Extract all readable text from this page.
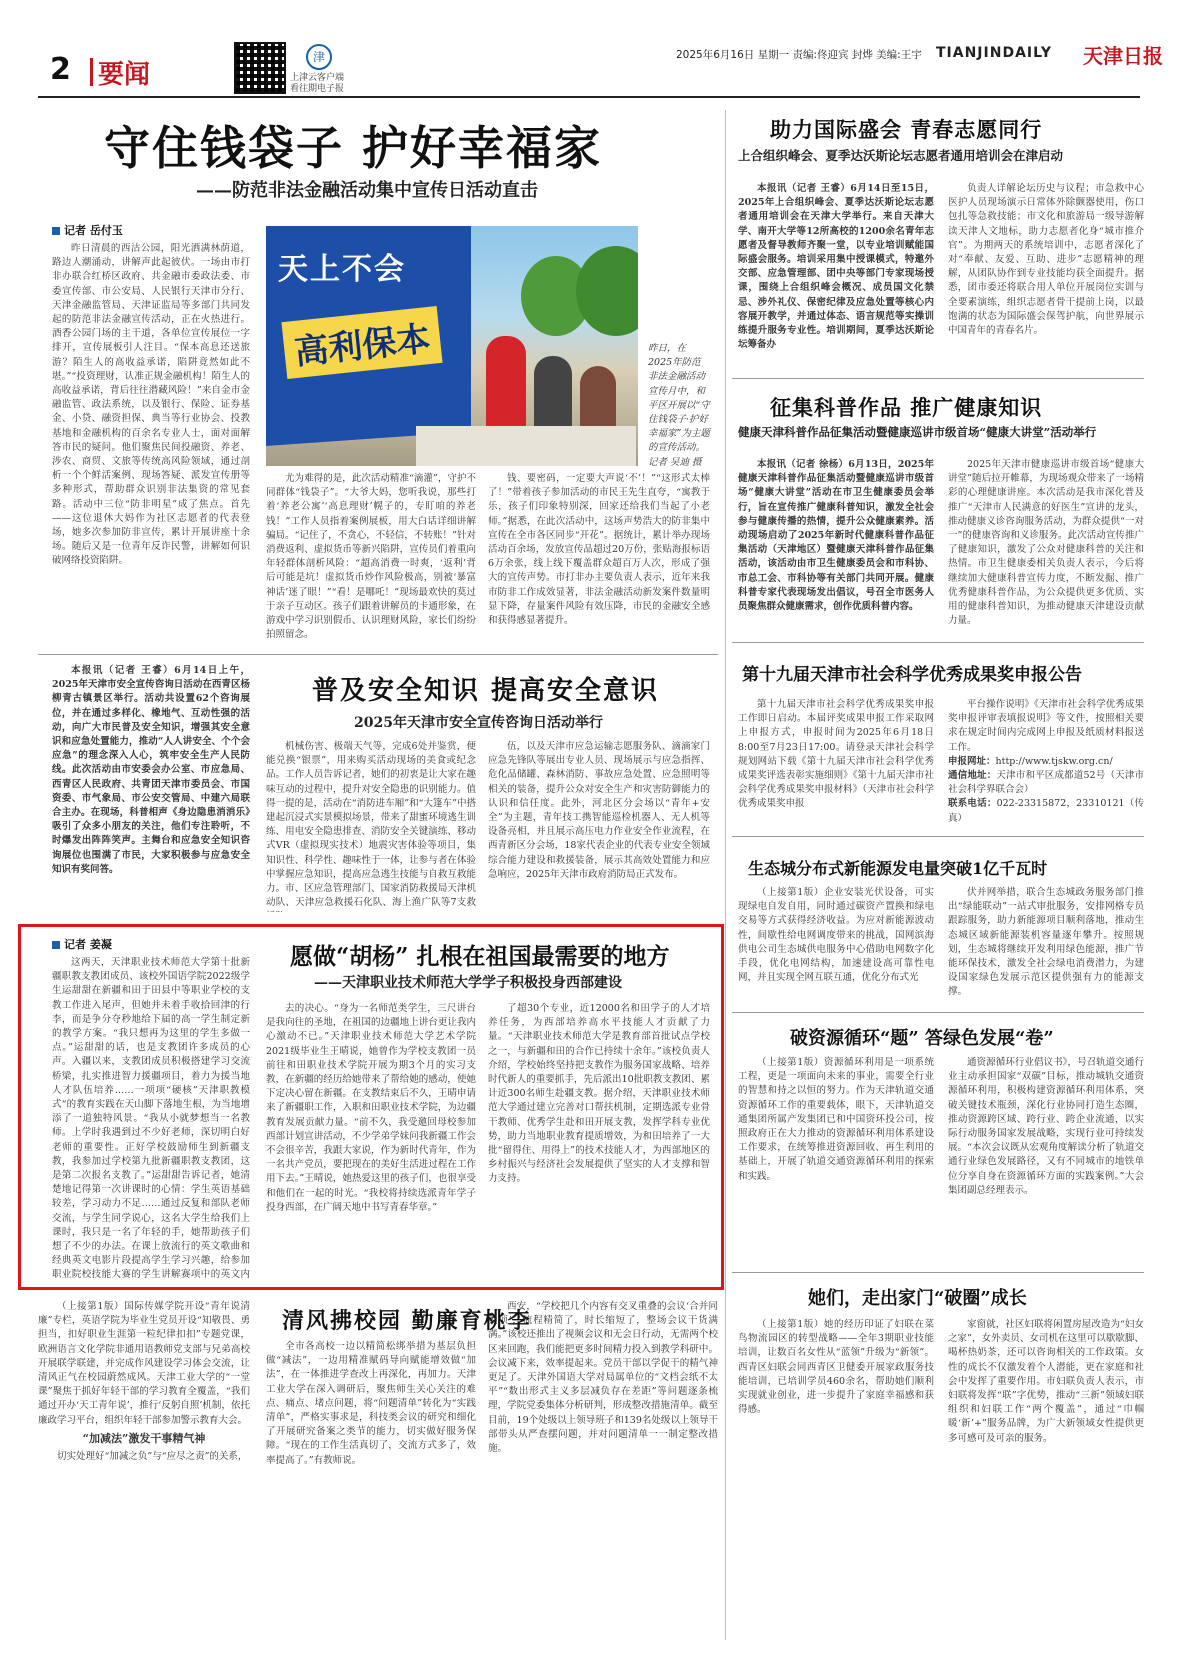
2 要闻
津
上津云客户端
看往期电子报
2025年6月16日 星期一 责编:佟迎宾 封烨 美编:王宇 TIANJINDAILY 天津日报
守住钱袋子 护好幸福家
——防范非法金融活动集中宣传日活动直击
记者 岳付玉

昨日清晨的西沽公园，阳光洒满林荫道，路边人潮涌动，讲解声此起彼伏。一场由市打非办联合红桥区政府、共金融市委政法委、市委宣传部、市公安局、人民银行天津市分行、天津金融监管局、天津证监局等多部门共同发起的防范非法金融宣传活动，正在火热进行。酒香公园门场的主干道，各单位宣传展位一字排开，宣传展板引人注目。“保本高息还送旅游？陌生人的高收益承诺，陷阱竟然如此不堪。”“投资理财，认准正规金融机构！陌生人的高收益承诺，背后往往潜藏风险！”来自金市金融监管、政法系统，以及银行、保险、证券基金、小贷、融资担保、典当等行业协会、投教基地和金融机构的百余名专业人士，面对面解答市民的疑问。他们聚焦民间投融资、养老、涉农、商贸、文旅等传统高风险领域，通过剖析一个个鲜活案例、现场答疑、派发宣传册等多种形式，帮助群众识别非法集资的常见套路。活动中三位“防非明星”成了焦点。首先——这位退休大妈作为社区志愿者的代表登场，她多次参加防非宣传，累计开展讲座十余场。随后又是一位青年反诈民警，讲解如何识破网络投资陷阱。

天上不会
高利保本	昨日，在2025年防范非法金融活动宣传月中，和平区开展以“守住钱袋子·护好幸福家”为主题的宣传活动。记者 吴迪 摄

尤为难得的是，此次活动精准“滴灌”，守护不同群体“钱袋子”。“大爷大妈，您听我说，那些打着‘养老公寓’‘高息理财’幌子的，专盯咱的养老钱！”工作人员指着案例展板，用大白话详细讲解骗局。“记住了，不贪心，不轻信，不转账！”针对消费返利、虚拟货币等新兴陷阱，宣传员们着重向年轻群体剖析风险：“超高消费一时爽，‘返利’背后可能是坑！虚拟货币炒作风险极高，别被‘暴富神话’迷了眼！”“看！是哪吒！”现场最欢快的莫过于亲子互动区。孩子们跟着讲解员的卡通形象，在游戏中学习识别假币、认识理财风险，家长们纷纷拍照留念。

钱、要密码，一定要大声说‘不’！”“这形式太棒了！”带着孩子参加活动的市民王先生直夸，“寓教于乐，孩子们印象特别深，回家还给我们当起了小老师。”据悉，在此次活动中，这场声势浩大的防非集中宣传在全市各区同步“开花”。据统计，累计举办现场活动百余场，发放宣传品超过20万份，张贴海报标语6万余张，线上线下覆盖群众超百万人次，形成了强大的宣传声势。市打非办主要负责人表示，近年来我市防非工作成效显著，非法金融活动新发案件数量明显下降，存量案件风险有效压降，市民的金融安全感和获得感显著提升。

普及安全知识 提高安全意识
2025年天津市安全宣传咨询日活动举行

本报讯（记者 王睿）6月14日上午，2025年天津市安全宣传咨询日活动在西青区杨柳青古镇景区举行。活动共设置62个咨询展位，并在通过多样化、橡地气、互动性强的活动，向广大市民普及安全知识，增强其安全意识和应急处置能力，推动“人人讲安全、个个会应急”的理念深入人心，筑牢安全生产人民防线。此次活动由市安委会办公室、市应急局、西青区人民政府、共青团天津市委员会、市国资委、市气象局、市公安交管局、中建六局联合主办。在现场，科普相声《身边隐患消消乐》吸引了众多小朋友的关注，他们专注聆听，不时爆发出阵阵笑声。主舞台和应急安全知识咨询展位也围满了市民，大家积极参与应急安全知识有奖问答。

机械伤害、极端天气等，完成6处并鉴赏，便能兑换“银票”，用来购买活动现场的美食或纪念品。工作人员告诉记者，她们的初衷是让大家在趣味互动的过程中，提升对安全隐患的识别能力。值得一提的是，活动在“消防进车厢”和“大篷车”中搭建起沉浸式实景模拟场景，带来了甜蜜环境逃生训练、用电安全隐患排查、消防安全关键演练、移动式VR（虚拟现实技术）地震灾害体验等项目，集知识性、科学性、趣味性于一体，让参与者在体验中掌握应急知识，提高应急逃生技能与自救互救能力。市、区应急管理部门、国家消防救援局天津机动队、天津应急救援石化队、海上渔广队等7支救

伍，以及天津市应急运输志愿服务队、滴滴家门应急先锋队等展出专业人员、现场展示与应急指挥、危化品储罐、森林消防、事故应急处置、应急照明等相关的装备，提升公众对安全生产和灾害防御能力的认识和信任度。此外，河北区分会场以“青年+安全”为主题，青年技工携智能巡检机器人、无人机等设备亮相，并且展示高压电力作业安全作业流程，在西青新区分会场，18家代表企业的代表专业安全领域综合能力建设和救援装备，展示其高效处置能力和应急响应，2025年天津市政府消防局正式发布。

愿做“胡杨” 扎根在祖国最需要的地方
——天津职业技术师范大学学子积极投身西部建设
记者 姜凝

这两天，天津职业技术师范大学第十批新疆职教支教团成员、该校外国语学院2022级学生运甜甜在新疆和田于田县中等职业学校的支教工作进入尾声，但她并未着手收拾回津的行李，而是争分夺秒地给下届的高一学生制定新的教学方案。“我只想再为这里的学生多做一点。”运甜甜的话，也是支教团许多成员的心声。入疆以来，支教团成员积极搭建学习交流桥梁，扎实推进智力援疆项目，着力为援当地人才队伍培养……一项项“硬核”天津职教模式“的教育实践在天山脚下落地生根，为当地增添了一道独特风景。“我从小就梦想当一名教师。上学时我遇到过不少好老师，深切明白好老师的重要性。正好学校鼓励师生到新疆支教，我参加过学校第九批新疆职教支教团，这是第二次报名支教了。”运甜甜告诉记者，她清楚地记得第一次讲课时的心情：学生英语基础较差，学习动力不足……通过反复和部队老师交流，与学生同学说心，这名大学生给我们上课时，我只是一名了年轻的手，她帮助孩子们想了不少的办法。在课上放流行的英文歌曲和经典英文电影片段提高学生学习兴趣，给参加职业院校技能大赛的学生讲解赛项中的英文内

去的决心。“身为一名师范类学生，三尺讲台是我向往的圣地，在祖国的边疆地上讲台更让我内心激动不已。”天津职业技术师范大学艺术学院2021级毕业生王晴说，她曾作为学校支教团一员前往和田职业技术学院开展为期3个月的实习支教，在新疆的经历给她带来了帮给她的感动，使她下定决心留在新疆。在支教结束后不久，王晴申请来了新疆职工作，入职和田职业技术学院，为边疆教育发展贡献力量。“前不久，我受邀回母校参加西部计划宣讲活动，不少学弟学妹问我新疆工作会不会很辛苦，我跟大家说，作为新时代青年，作为一名共产党员，要把现在的美好生活进过程在工作用下去。”王晴说，她热爱这里的孩子们，也很享受和他们在一起的时光。“我校将持续选派青年学子投身西部，在广阔天地中书写青春华章。”

了超30个专业，近12000名和田学子的人才培养任务，为西部培养高水平技能人才贡献了力量。“天津职业技术师范大学是教育部首批试点学校之一，与新疆和田的合作已持续十余年。”该校负责人介绍，学校始终坚持把支教作为服务国家战略、培养时代新人的重要抓手，先后派出10批职教支教团、累计近300名师生赴疆支教。据介绍，天津职业技术师范大学通过建立完善对口帮扶机制，定期选派专业骨干教师、优秀学生赴和田开展支教，发挥学科专业优势，助力当地职业教育提质增效，为和田培养了一大批“留得住、用得上”的技术技能人才，为西部地区的乡村振兴与经济社会发展提供了坚实的人才支撑和智力支持。

清风拂校园 勤廉育桃李

（上接第1版）国际传媒学院开设“青年说清廉”专栏，英语学院为毕业生党员开设“知敬畏、勇担当，扣好职业生涯第一粒纪律扣扣”专题党课，欧洲语言文化学院非通用语教师党支部与兄弟高校开展联学联建，并完成作风建设学习体会交流，让清风正气在校园蔚然成风。天津工业大学的“一堂课”聚焦于抓好年轻干部的学习教育全覆盖，“我们通过开办‘天工青年说’，推行‘反躬自照’机制，依托廉政学习平台，组织年轻干部参加警示教育大会。

“加减法”激发干事精气神

切实处理好“加减之负”与“应尽之责”的关系，

全市各高校一边以精简松绑举措为基层负担做“减法”，一边用精准赋码导向赋能增效做“加法”，在一体推进学查改上再深化，再加力。天津工业大学在深入调研后，聚焦师生关心关注的难点、痛点、堵点问题，将“问题清单”转化为“实践清单”，严格实事求是，科技类会议的研究和细化了开展研究备案之类节的能力，切实做好服务保障。“现在的工作生活真切了，交流方式多了，效率提高了。”有教师说。

西安，“学校把几个内容有交叉重叠的会议‘合并同类项’，流程精简了，时长缩短了，整场会议干货满满。”该校还推出了视频会议和无会日行动，无需两个校区来回跑，我们能把更多时间精力投入到教学科研中。会议减下来，效率提起来。党员干部以学促干的精气神更足了。天津外国语大学对局属单位的“文档会纸不太平”“数出形式主义多层减负存在差距”等问题逐条梳理，学院党委集体分析研判，形成整改措施清单。截至目前，19个处级以上领导班子和139名处级以上领导干部带头从严查摆问题，并对问题清单一一制定整改措施。

助力国际盛会 青春志愿同行
上合组织峰会、夏季达沃斯论坛志愿者通用培训会在津启动

本报讯（记者 王睿）6月14日至15日，2025年上合组织峰会、夏季达沃斯论坛志愿者通用培训会在天津大学举行。来自天津大学、南开大学等12所高校的1200余名青年志愿者及督导教师齐聚一堂，以专业培训赋能国际盛会服务。培训采用集中授课模式，特邀外交部、应急管理部、团中央等部门专家现场授课，围绕上合组织峰会概况、成员国文化禁忌、涉外礼仪、保密纪律及应急处置等核心内容展开教学，并通过体态、语言规范等实操训练提升服务专业性。培训期间，夏季达沃斯论坛筹备办

负责人详解论坛历史与议程；市急救中心医护人员现场演示日常体外除颤器使用，伤口包扎等急救技能；市文化和旅游局一级导游解读天津人文地标，助力志愿者化身“城市推介官”。为期两天的系统培训中，志愿者深化了对“奉献、友爱、互助、进步”志愿精神的理解，从团队协作到专业技能均获全面提升。据悉，团市委还将联合用人单位开展岗位实训与全要素演练，组织志愿者骨干提前上岗，以最饱满的状态为国际盛会保驾护航，向世界展示中国青年的青春名片。

征集科普作品 推广健康知识
健康天津科普作品征集活动暨健康巡讲市级首场“健康大讲堂”活动举行

本报讯（记者 徐杨）6月13日，2025年健康天津科普作品征集活动暨健康巡讲市级首场“健康大讲堂”活动在市卫生健康委员会举行，旨在宣传推广健康科普知识，激发全社会参与健康传播的热情，提升公众健康素养。活动现场启动了2025年新时代健康科普作品征集活动（天津地区）暨健康天津科普作品征集活动，该活动由市卫生健康委员会和市科协、市总工会、市科协等有关部门共同开展。健康科普专家代表现场发出倡议，号召全市医务人员聚焦群众健康需求，创作优质科普内容。

2025年天津市健康巡讲市级首场“健康大讲堂”随后拉开帷幕，为现场观众带来了一场精彩的心理健康讲座。本次活动是我市深化普及推广“天津市人民满意的好医生”宣讲的龙头，推动健康义诊咨询服务活动，为群众提供“一对一”的健康咨询和义诊服务。此次活动宣传推广了健康知识，激发了公众对健康科普的关注和热情。市卫生健康委相关负责人表示，今后将继续加大健康科普宣传力度，不断发掘、推广优秀健康科普作品，为公众提供更多优质、实用的健康科普知识，为推动健康天津建设贡献力量。

第十九届天津市社会科学优秀成果奖申报公告

第十九届天津市社会科学优秀成果奖申报工作即日启动。本届评奖成果申报工作采取网上申报方式，申报时间为2025年6月18日8:00至7月23日17:00。请登录天津社会科学规划网站下载《第十九届天津市社会科学优秀成果奖评选表彰实施细则》《第十九届天津市社会科学优秀成果奖申报材料》（天津市社会科学优秀成果奖申报

平台操作说明》《天津市社会科学优秀成果奖申报评审表填报说明》等文件，按照相关要求在规定时间内完成网上申报及纸质材料报送工作。

申报网址：http://www.tjskw.org.cn/

通信地址：天津市和平区成都道52号（天津市社会科学界联合会）

联系电话：022-23315872，23310121（传真）

生态城分布式新能源发电量突破1亿千瓦时

（上接第1版）企业安装光伏设备，可实现绿电自发自用，同时通过碳资产置换和绿电交易等方式获得经济收益。为应对新能源波动性，间歇性给电网调度带来的挑战，国网滨海供电公司生态城供电服务中心借助电网数字化手段，优化电网结构，加速建设高可靠性电网，并且实现全网互联互通，优化分布式光

伏并网举措，联合生态城政务服务部门推出“绿能联动”一站式审批服务，安排网格专员跟踪服务，助力新能源项目顺利落地，推动生态城区域新能源装机容量逐年攀升。按照规划，生态城将继续开发利用绿色能源，推广节能环保技术，激发全社会绿电消费潜力，为建设国家绿色发展示范区提供强有力的能源支撑。

破资源循环“题” 答绿色发展“卷”

（上接第1版）资源循环利用是一项系统工程，更是一项面向未来的事业，需要全行业的智慧和持之以恒的努力。作为天津轨道交通资源循环工作的重要载体，眼下，天津轨道交通集团所属产发集团已和中国资环投公司，按照政府正在大力推动的资源循环利用体系建设工作要求，在统筹推进资源回收、再生利用的基础上，开展了轨道交通资源循环利用的探索和实践。

通资源循环行业倡议书》，号召轨道交通行业主动承担国家“双碳”目标，推动城轨交通资源循环利用，积极构建资源循环利用体系，突破关键技术瓶颈，深化行业协同打造生态圈，推动资源跨区域、跨行业、跨企业流通，以实际行动服务国家发展战略，实现行业可持续发展。“本次会议既从宏观角度解读分析了轨道交通行业绿色发展路径，又有不同城市的地铁单位分享自身在资源循环方面的实践案例。”大会集团副总经理表示。

她们，走出家门“破圈”成长

（上接第1版）她的经历印证了妇联在菜鸟物流园区的转型战略——全年3期职业技能培训，让数百名女性从“蓝领”升级为“新领”。西青区妇联会同西青区卫健委开展家政服务技能培训，已培训学员460余名，帮助她们顺利实现就业创业，进一步提升了家庭幸福感和获得感。

家窗就，社区妇联将闲置房屋改造为“妇女之家”，女外卖员、女司机在这里可以歇歇脚、喝杯热奶茶，还可以咨询相关的工作政策。女性的成长不仅激发着个人潜能，更在家庭和社会中发挥了重要作用。市妇联负责人表示，市妇联将发挥“联”字优势，推动“三新”领域妇联组织和妇联工作“两个覆盖”，通过“巾帼暖‘新’+”服务品牌，为广大新领域女性提供更多可感可及可亲的服务。
